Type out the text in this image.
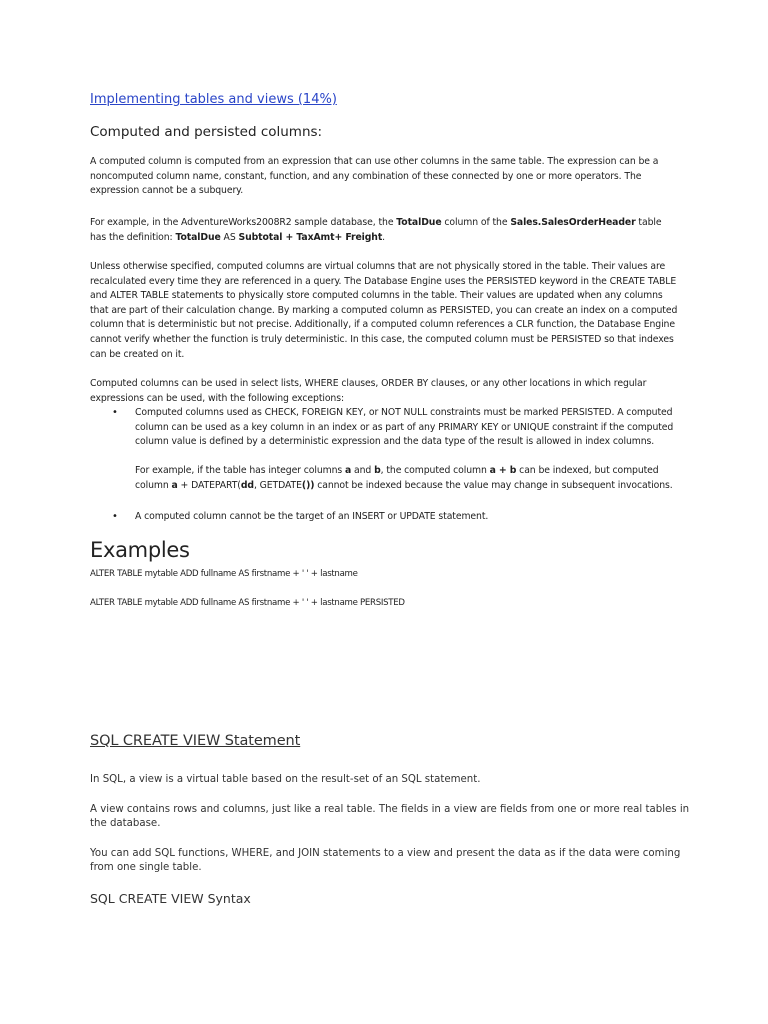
Implementing tables and views (14%)
Computed and persisted columns:
A computed column is computed from an expression that can use other columns in the same table. The expression can be a noncomputed column name, constant, function, and any combination of these connected by one or more operators. The expression cannot be a subquery.
For example, in the AdventureWorks2008R2 sample database, the TotalDue column of the Sales.SalesOrderHeader table has the definition: TotalDue AS Subtotal + TaxAmt+ Freight.
Unless otherwise specified, computed columns are virtual columns that are not physically stored in the table. Their values are recalculated every time they are referenced in a query. The Database Engine uses the PERSISTED keyword in the CREATE TABLE and ALTER TABLE statements to physically store computed columns in the table. Their values are updated when any columns that are part of their calculation change. By marking a computed column as PERSISTED, you can create an index on a computed column that is deterministic but not precise. Additionally, if a computed column references a CLR function, the Database Engine cannot verify whether the function is truly deterministic. In this case, the computed column must be PERSISTED so that indexes can be created on it.
Computed columns can be used in select lists, WHERE clauses, ORDER BY clauses, or any other locations in which regular expressions can be used, with the following exceptions:
• Computed columns used as CHECK, FOREIGN KEY, or NOT NULL constraints must be marked PERSISTED. A computed column can be used as a key column in an index or as part of any PRIMARY KEY or UNIQUE constraint if the computed column value is defined by a deterministic expression and the data type of the result is allowed in index columns.
For example, if the table has integer columns a and b, the computed column a + b can be indexed, but computed column a + DATEPART(dd, GETDATE()) cannot be indexed because the value may change in subsequent invocations.
• A computed column cannot be the target of an INSERT or UPDATE statement.
Examples
ALTER TABLE mytable ADD fullname AS firstname + ' ' + lastname
ALTER TABLE mytable ADD fullname AS firstname + ' ' + lastname PERSISTED
SQL CREATE VIEW Statement
In SQL, a view is a virtual table based on the result-set of an SQL statement.
A view contains rows and columns, just like a real table. The fields in a view are fields from one or more real tables in the database.
You can add SQL functions, WHERE, and JOIN statements to a view and present the data as if the data were coming from one single table.
SQL CREATE VIEW Syntax
